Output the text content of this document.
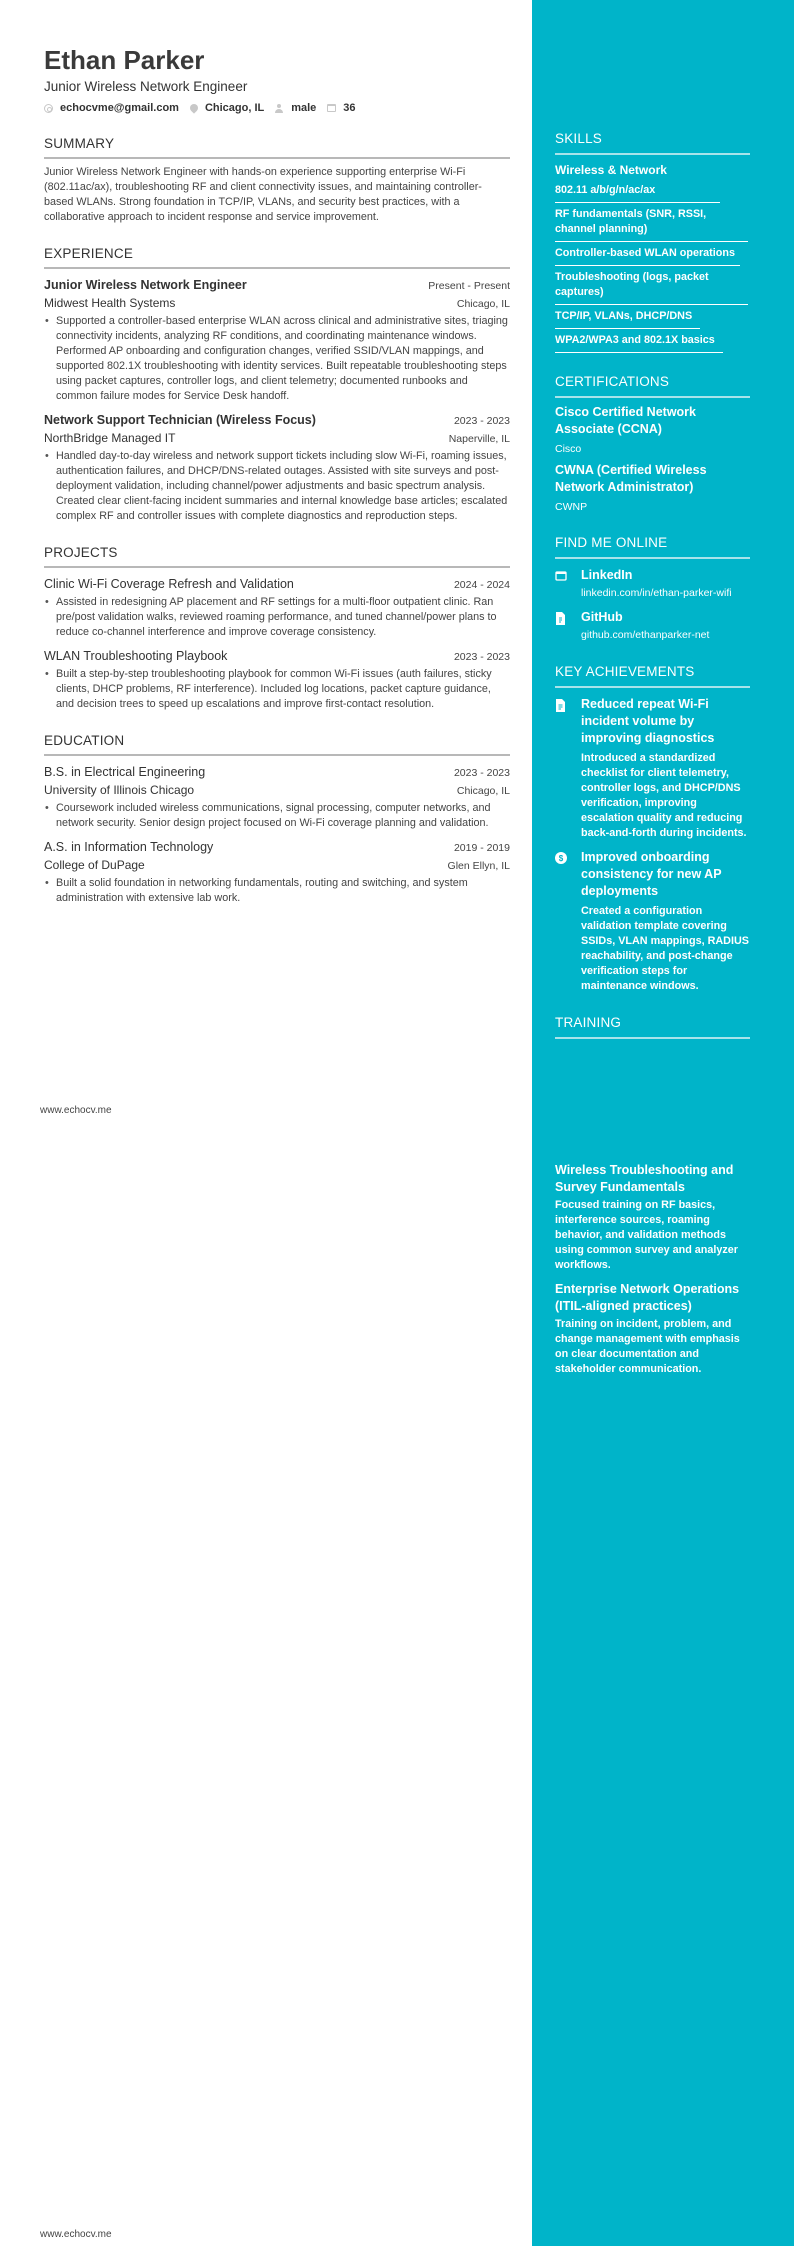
Ethan Parker
Junior Wireless Network Engineer
echocvme@gmail.com Chicago, IL male 36
SUMMARY
Junior Wireless Network Engineer with hands-on experience supporting enterprise Wi-Fi (802.11ac/ax), troubleshooting RF and client connectivity issues, and maintaining controller-based WLANs. Strong foundation in TCP/IP, VLANs, and security best practices, with a collaborative approach to incident response and service improvement.
EXPERIENCE
Junior Wireless Network Engineer	Present - Present
Midwest Health Systems	Chicago, IL
• Supported a controller-based enterprise WLAN across clinical and administrative sites, triaging connectivity incidents, analyzing RF conditions, and coordinating maintenance windows. Performed AP onboarding and configuration changes, verified SSID/VLAN mappings, and supported 802.1X troubleshooting with identity services. Built repeatable troubleshooting steps using packet captures, controller logs, and client telemetry; documented runbooks and common failure modes for Service Desk handoff.
Network Support Technician (Wireless Focus)	2023 - 2023
NorthBridge Managed IT	Naperville, IL
• Handled day-to-day wireless and network support tickets including slow Wi-Fi, roaming issues, authentication failures, and DHCP/DNS-related outages. Assisted with site surveys and post-deployment validation, including channel/power adjustments and basic spectrum analysis. Created clear client-facing incident summaries and internal knowledge base articles; escalated complex RF and controller issues with complete diagnostics and reproduction steps.
PROJECTS
Clinic Wi-Fi Coverage Refresh and Validation	2024 - 2024
• Assisted in redesigning AP placement and RF settings for a multi-floor outpatient clinic. Ran pre/post validation walks, reviewed roaming performance, and tuned channel/power plans to reduce co-channel interference and improve coverage consistency.
WLAN Troubleshooting Playbook	2023 - 2023
• Built a step-by-step troubleshooting playbook for common Wi-Fi issues (auth failures, sticky clients, DHCP problems, RF interference). Included log locations, packet capture guidance, and decision trees to speed up escalations and improve first-contact resolution.
EDUCATION
B.S. in Electrical Engineering	2023 - 2023
University of Illinois Chicago	Chicago, IL
• Coursework included wireless communications, signal processing, computer networks, and network security. Senior design project focused on Wi-Fi coverage planning and validation.
A.S. in Information Technology	2019 - 2019
College of DuPage	Glen Ellyn, IL
• Built a solid foundation in networking fundamentals, routing and switching, and system administration with extensive lab work.
www.echocv.me
www.echocv.me
SKILLS
Wireless & Network
802.11 a/b/g/n/ac/ax
RF fundamentals (SNR, RSSI, channel planning)
Controller-based WLAN operations
Troubleshooting (logs, packet captures)
TCP/IP, VLANs, DHCP/DNS
WPA2/WPA3 and 802.1X basics
CERTIFICATIONS
Cisco Certified Network Associate (CCNA)
Cisco
CWNA (Certified Wireless Network Administrator)
CWNP
FIND ME ONLINE
LinkedIn
linkedin.com/in/ethan-parker-wifi
GitHub
github.com/ethanparker-net
KEY ACHIEVEMENTS
Reduced repeat Wi-Fi incident volume by improving diagnostics
Introduced a standardized checklist for client telemetry, controller logs, and DHCP/DNS verification, improving escalation quality and reducing back-and-forth during incidents.
$ Improved onboarding consistency for new AP deployments
Created a configuration validation template covering SSIDs, VLAN mappings, RADIUS reachability, and post-change verification steps for maintenance windows.
TRAINING
Wireless Troubleshooting and Survey Fundamentals
Focused training on RF basics, interference sources, roaming behavior, and validation methods using common survey and analyzer workflows.
Enterprise Network Operations (ITIL-aligned practices)
Training on incident, problem, and change management with emphasis on clear documentation and stakeholder communication.
